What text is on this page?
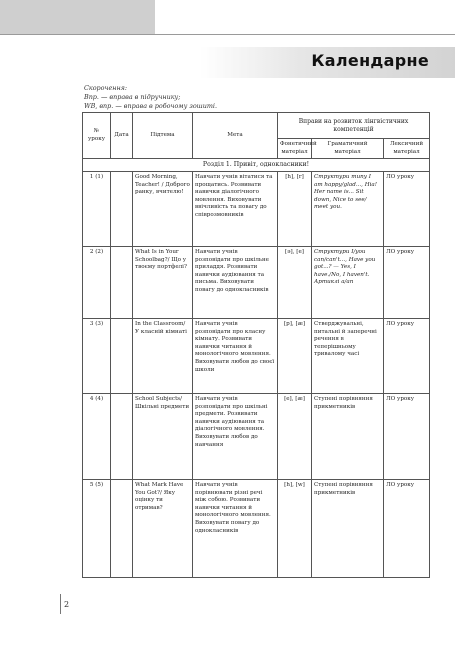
Календарне
Скорочення:
Впр. — вправа в підручнику;
WB, впр. — вправа в робочому зошиті.
№ уроку	Дата	Підтема	Мета	Вправи на розвиток лінгвістичних компетенцій		
				Фонетичний матеріал	Граматичний матеріал	Лексичний матеріал
Розділ 1. Привіт, однокласники!						
1 (1)		Good Morning, Teacher! / Доброго ранку, вчителю!	Навчати учнів вітатися та прощатись. Розвивати навички діалогічного мовлення. Виховувати ввічливість та повагу до співрозмовників	[h], [r]	Структури типу I am happy/glad..., Hia! Her name is... Sit down, Nice to see/ meet you.	ЛО уроку
2 (2)		What Is in Your Schoolbag?/ Що у твоєму портфелі?	Навчати учнів розповідати про шкільне приладдя. Розвивати навички аудіювання та письма. Виховувати повагу до однокласників	[ə], [e]	Структури I/you can/can't..., Have you got...? — Yes, I have./No, I haven't. Артиклі a/an	ЛО уроку
3 (3)		In the Classroom/ У класній кімнаті	Навчати учнів розповідати про класну кімнату. Розвивати навички читання й монологічного мовлення. Виховувати любов до своєї школи	[p], [æ]	Стверджувальні, питальні й заперечні речення в теперішньому тривалому часі	ЛО уроку
4 (4)		School Subjects/Шкільні предмети	Навчати учнів розповідати про шкільні предмети. Розвивати навички аудіювання та діалогічного мовлення. Виховувати любов до навчання	[e], [æ]	Ступені порівняння прикметників	ЛО уроку
5 (5)		What Mark Have You Got?/ Яку оцінку ти отримав?	Навчати учнів порівнювати різні речі між собою. Розвивати навички читання й монологічного мовлення. Виховувати повагу до однокласників	[h], [w]	Ступені порівняння прикметників	ЛО уроку
2
